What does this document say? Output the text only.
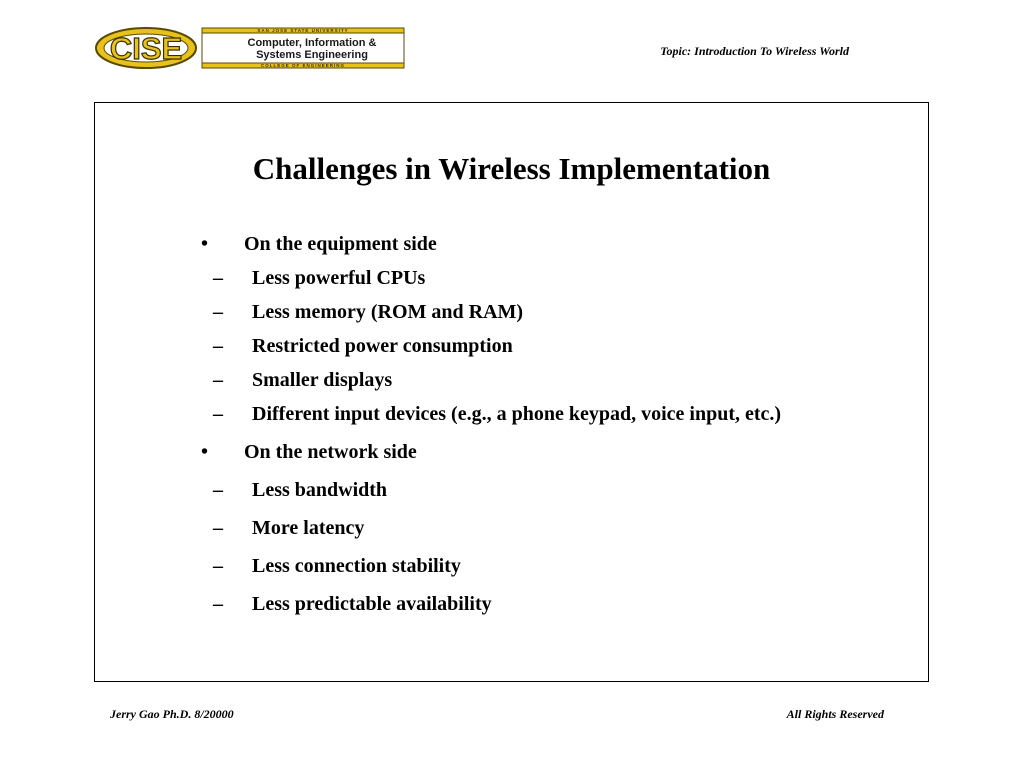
CISE
SAN JOSE STATE UNIVERSITY
Computer, Information &
Systems Engineering
COLLEGE OF ENGINEERING
Topic: Introduction To Wireless World
Challenges in Wireless Implementation
•	On the equipment side
–	Less powerful CPUs
–	Less memory (ROM and RAM)
–	Restricted power consumption
–	Smaller displays
–	Different input devices (e.g., a phone keypad, voice input, etc.)
•	On the network side
–	Less bandwidth
–	More latency
–	Less connection stability
–	Less predictable availability
Jerry Gao Ph.D. 8/20000	All Rights Reserved
